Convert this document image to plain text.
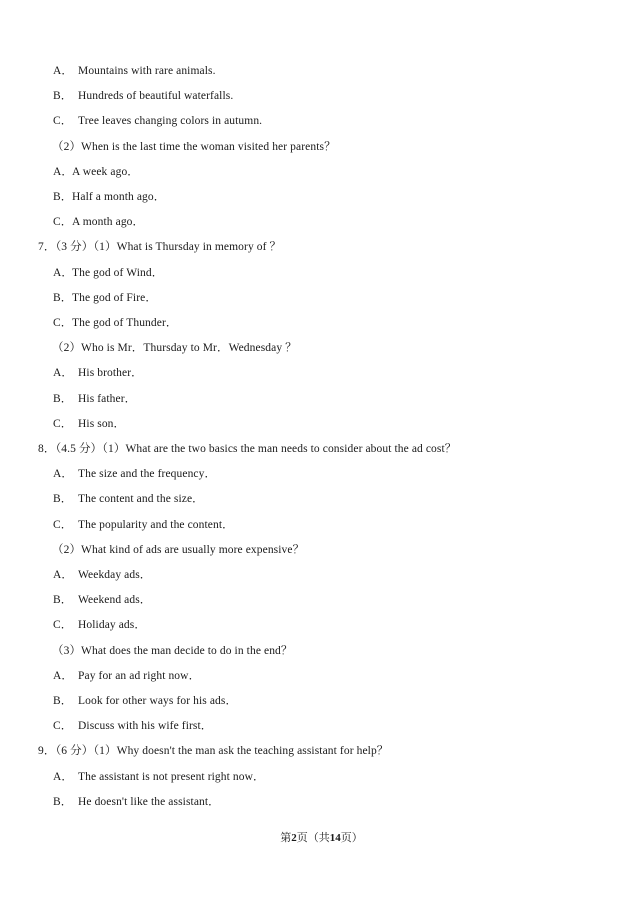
A． Mountains with rare animals.
B． Hundreds of beautiful waterfalls.
C． Tree leaves changing colors in autumn.
（2）When is the last time the woman visited her parents？
A．A week ago．
B．Half a month ago．
C．A month ago．
7．（3 分）（1）What is Thursday in memory of ？
A．The god of Wind．
B．The god of Fire．
C．The god of Thunder．
（2）Who is Mr．Thursday to Mr．Wednesday ？
A． His brother．
B． His father．
C． His son．
8．（4.5 分）（1）What are the two basics the man needs to consider about the ad cost？
A． The size and the frequency．
B． The content and the size．
C． The popularity and the content．
（2）What kind of ads are usually more expensive？
A． Weekday ads．
B． Weekend ads．
C． Holiday ads．
（3）What does the man decide to do in the end？
A． Pay for an ad right now．
B． Look for other ways for his ads．
C． Discuss with his wife first．
9．（6 分）（1）Why doesn't the man ask the teaching assistant for help？
A． The assistant is not present right now．
B． He doesn't like the assistant．
第2页（共14页）
